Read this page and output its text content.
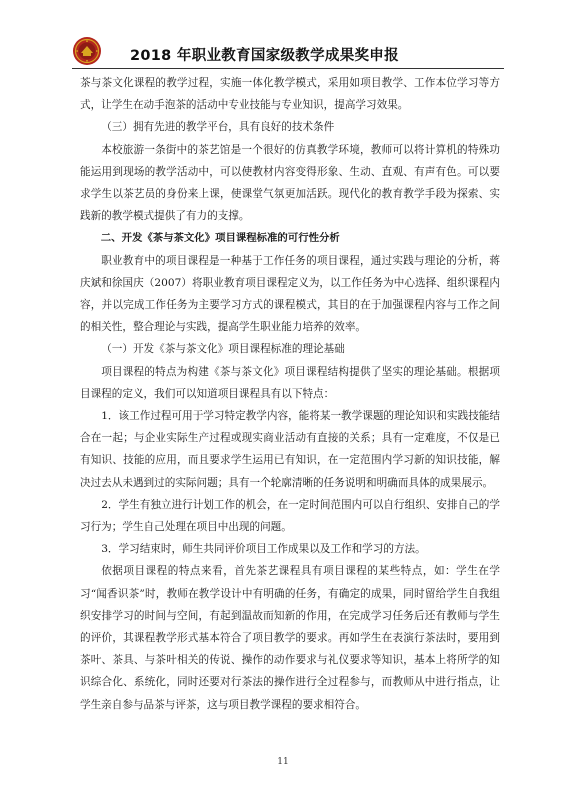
2018 年职业教育国家级教学成果奖申报

茶与茶文化课程的教学过程，实施一体化教学模式，采用如项目教学、工作本位学习等方式，让学生在动手泡茶的活动中专业技能与专业知识，提高学习效果。

（三）拥有先进的教学平台，具有良好的技术条件

本校旅游一条街中的茶艺馆是一个很好的仿真教学环境，教师可以将计算机的特殊功能运用到现场的教学活动中，可以使教材内容变得形象、生动、直观、有声有色。可以要求学生以茶艺员的身份来上课，使课堂气氛更加活跃。现代化的教育教学手段为探索、实践新的教学模式提供了有力的支撑。

二、开发《茶与茶文化》项目课程标准的可行性分析

职业教育中的项目课程是一种基于工作任务的项目课程，通过实践与理论的分析，蒋庆斌和徐国庆（2007）将职业教育项目课程定义为，以工作任务为中心选择、组织课程内容，并以完成工作任务为主要学习方式的课程模式，其目的在于加强课程内容与工作之间的相关性，整合理论与实践，提高学生职业能力培养的效率。

（一）开发《茶与茶文化》项目课程标准的理论基础

项目课程的特点为构建《茶与茶文化》项目课程结构提供了坚实的理论基础。根据项目课程的定义，我们可以知道项目课程具有以下特点：

1．该工作过程可用于学习特定教学内容，能将某一教学课题的理论知识和实践技能结合在一起；与企业实际生产过程或现实商业活动有直接的关系；具有一定难度，不仅是已有知识、技能的应用，而且要求学生运用已有知识，在一定范围内学习新的知识技能，解决过去从未遇到过的实际问题；具有一个轮廓清晰的任务说明和明确而具体的成果展示。

2．学生有独立进行计划工作的机会，在一定时间范围内可以自行组织、安排自己的学习行为；学生自己处理在项目中出现的问题。

3．学习结束时，师生共同评价项目工作成果以及工作和学习的方法。

依据项目课程的特点来看，首先茶艺课程具有项目课程的某些特点，如：学生在学习“闻香识茶”时，教师在教学设计中有明确的任务，有确定的成果，同时留给学生自我组织安排学习的时间与空间，有起到温故而知新的作用，在完成学习任务后还有教师与学生的评价，其课程教学形式基本符合了项目教学的要求。再如学生在表演行茶法时，要用到茶叶、茶具、与茶叶相关的传说、操作的动作要求与礼仪要求等知识，基本上将所学的知识综合化、系统化，同时还要对行茶法的操作进行全过程参与，而教师从中进行指点，让学生亲自参与品茶与评茶，这与项目教学课程的要求相符合。

11
